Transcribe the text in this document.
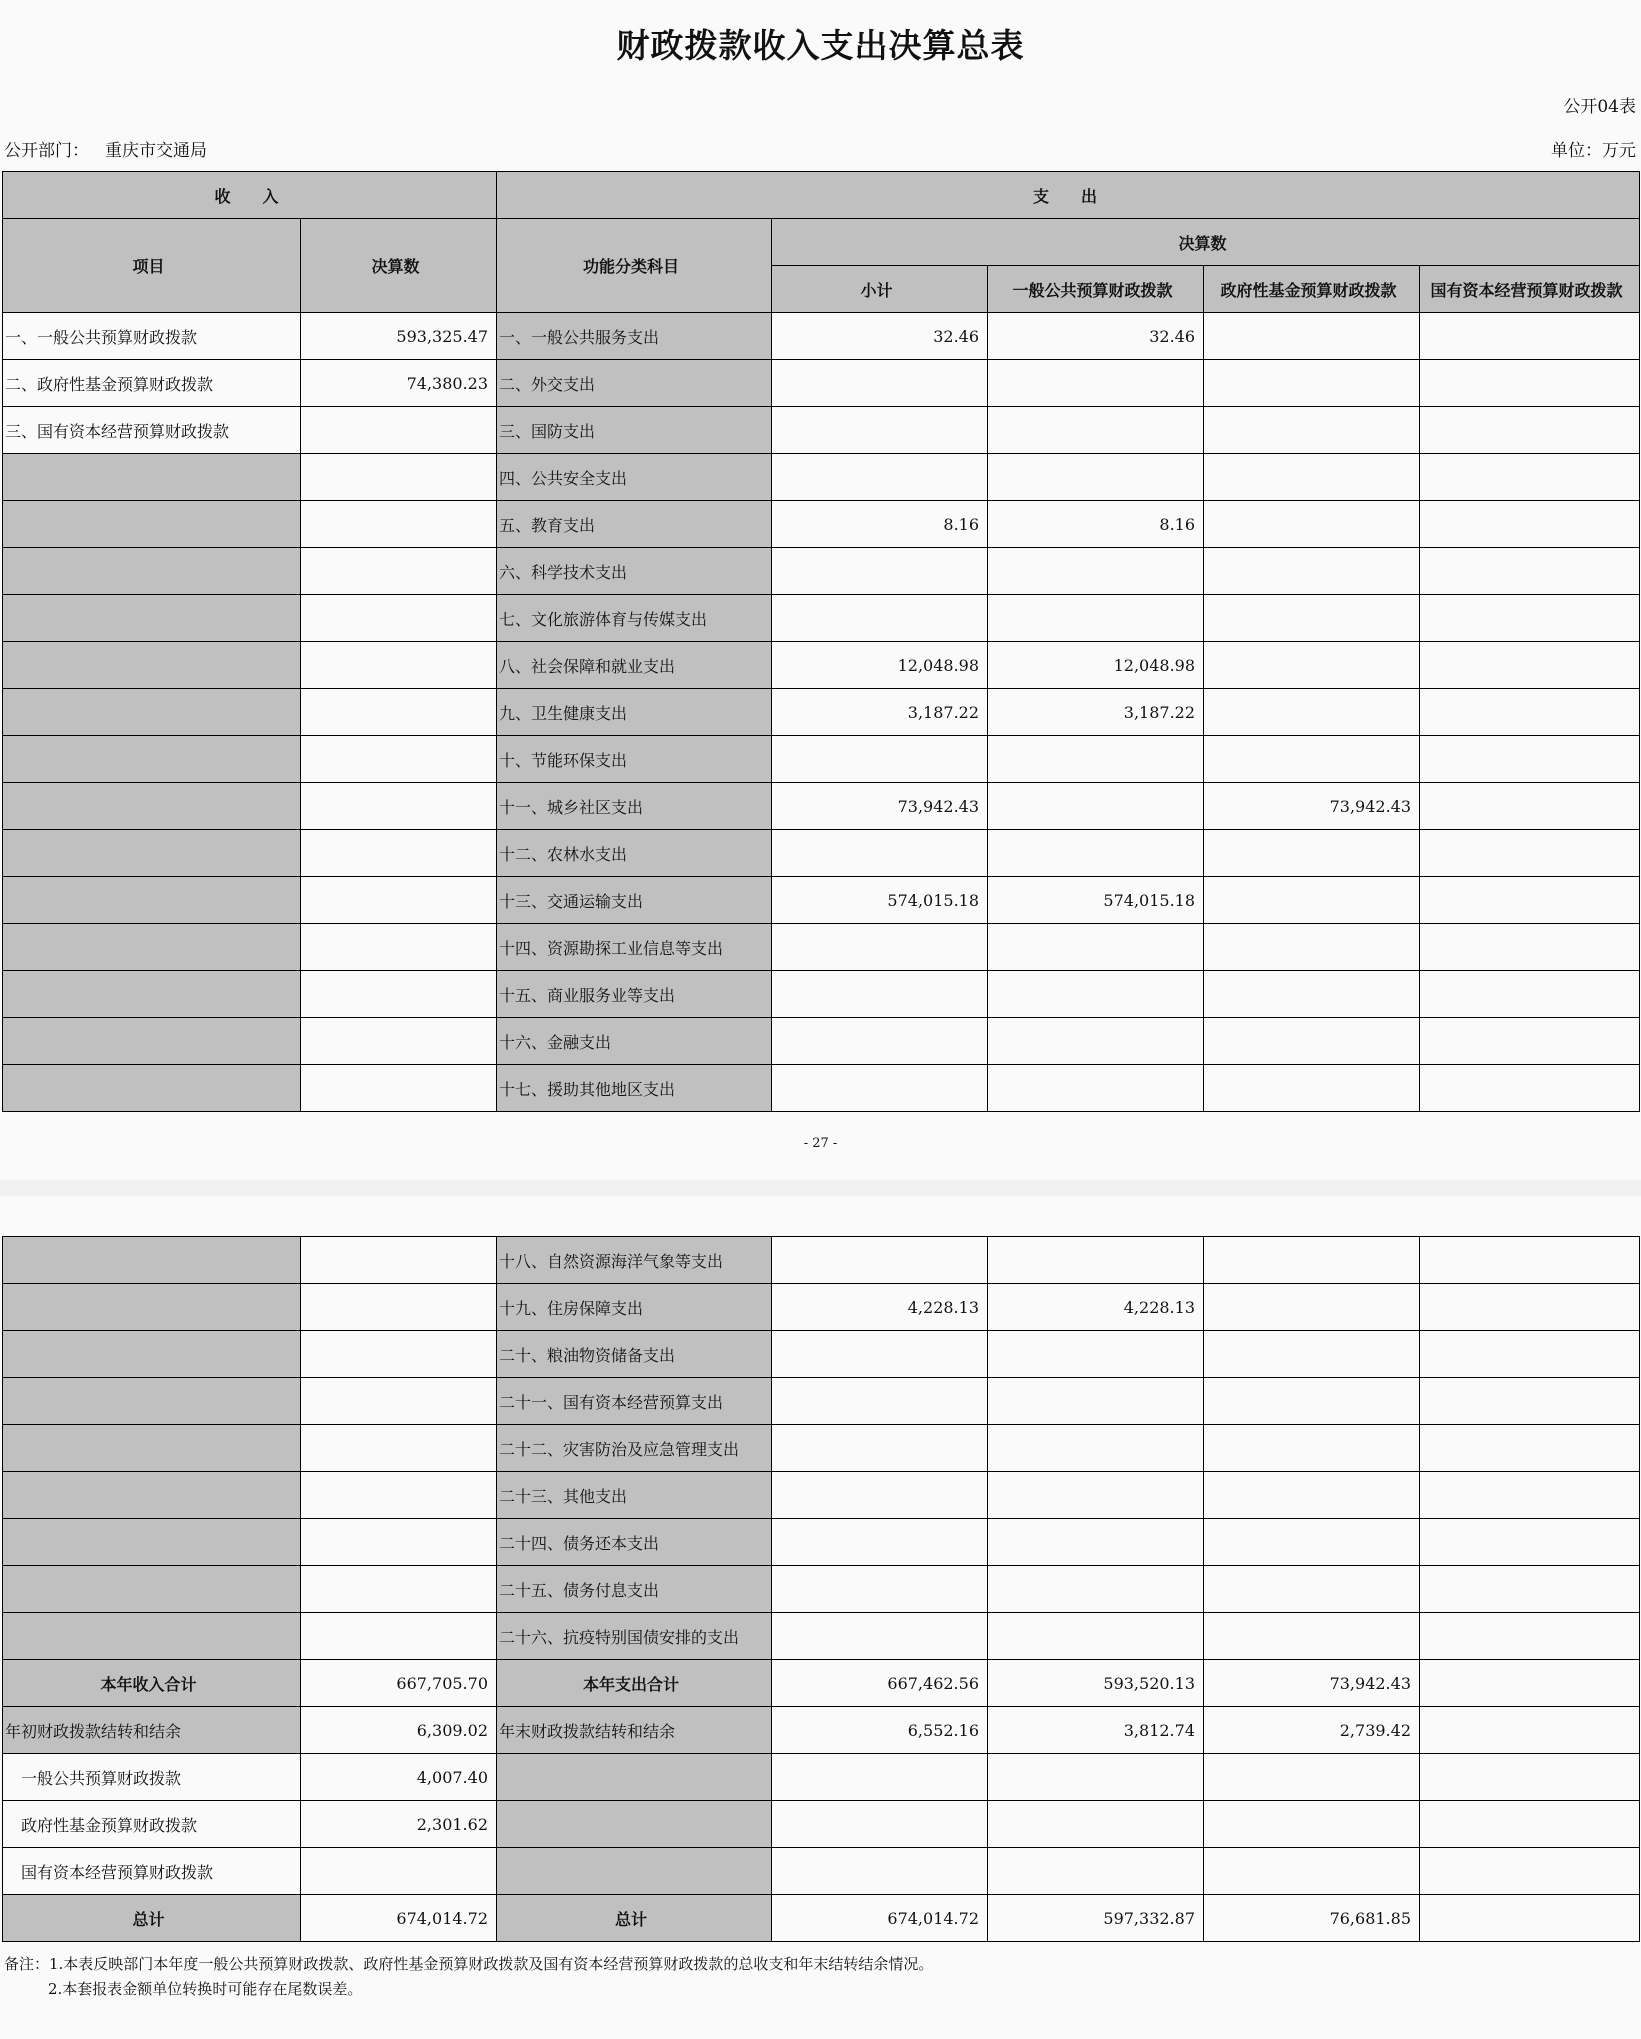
财政拨款收入支出决算总表
公开04表
公开部门： 重庆市交通局	单位：万元
收　　入		支　　出				
项目	决算数	功能分类科目	决算数			
			小计	一般公共预算财政拨款	政府性基金预算财政拨款	国有资本经营预算财政拨款
一、一般公共预算财政拨款	593,325.47	一、一般公共服务支出	32.46	32.46		
二、政府性基金预算财政拨款	74,380.23	二、外交支出				
三、国有资本经营预算财政拨款		三、国防支出				
		四、公共安全支出				
		五、教育支出	8.16	8.16		
		六、科学技术支出				
		七、文化旅游体育与传媒支出				
		八、社会保障和就业支出	12,048.98	12,048.98		
		九、卫生健康支出	3,187.22	3,187.22		
		十、节能环保支出				
		十一、城乡社区支出	73,942.43		73,942.43	
		十二、农林水支出				
		十三、交通运输支出	574,015.18	574,015.18		
		十四、资源勘探工业信息等支出				
		十五、商业服务业等支出				
		十六、金融支出				
		十七、援助其他地区支出				
- 27 -
		十八、自然资源海洋气象等支出				
		十九、住房保障支出	4,228.13	4,228.13		
		二十、粮油物资储备支出				
		二十一、国有资本经营预算支出				
		二十二、灾害防治及应急管理支出				
		二十三、其他支出				
		二十四、债务还本支出				
		二十五、债务付息支出				
		二十六、抗疫特别国债安排的支出				
本年收入合计	667,705.70	本年支出合计	667,462.56	593,520.13	73,942.43	
年初财政拨款结转和结余	6,309.02	年末财政拨款结转和结余	6,552.16	3,812.74	2,739.42	
一般公共预算财政拨款	4,007.40					
政府性基金预算财政拨款	2,301.62					
国有资本经营预算财政拨款						
总计	674,014.72	总计	674,014.72	597,332.87	76,681.85	
备注：1.本表反映部门本年度一般公共预算财政拨款、政府性基金预算财政拨款及国有资本经营预算财政拨款的总收支和年末结转结余情况。
2.本套报表金额单位转换时可能存在尾数误差。
